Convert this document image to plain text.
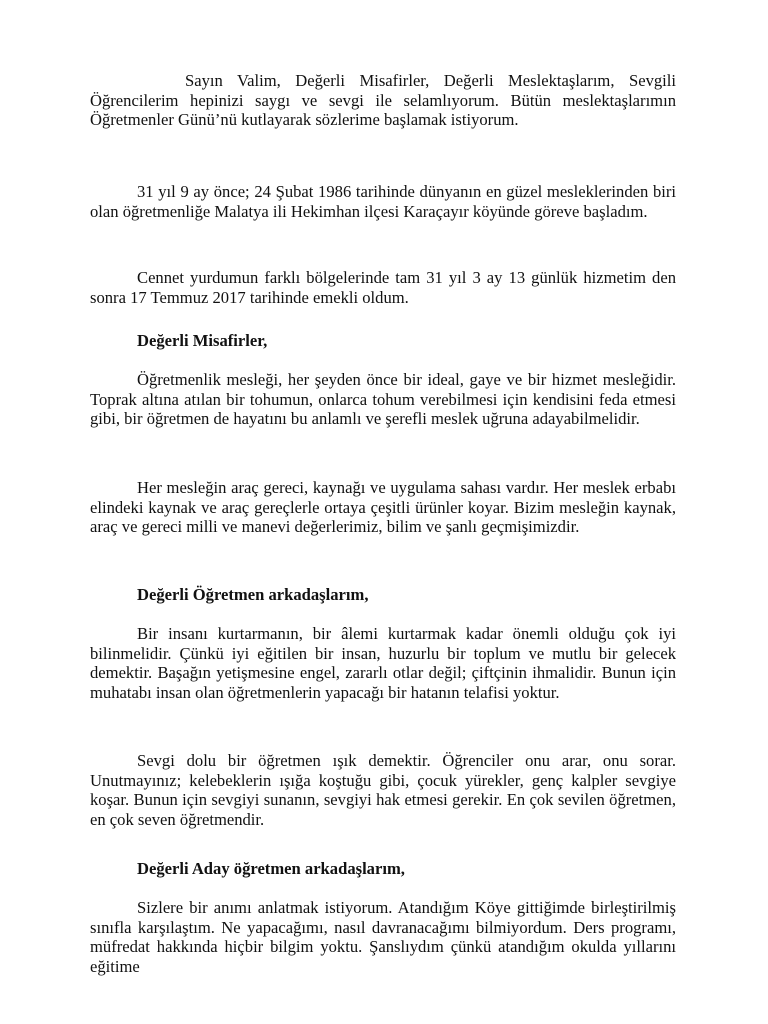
Sayın Valim, Değerli Misafirler, Değerli Meslektaşlarım, Sevgili Öğrencilerim hepinizi saygı ve sevgi ile selamlıyorum. Bütün meslektaşlarımın Öğretmenler Günü’nü kutlayarak sözlerime başlamak istiyorum.

31 yıl 9 ay önce; 24 Şubat 1986 tarihinde dünyanın en güzel mesleklerinden biri olan öğretmenliğe Malatya ili Hekimhan ilçesi Karaçayır köyünde göreve başladım.

Cennet yurdumun farklı bölgelerinde tam 31 yıl 3 ay 13 günlük hizmetim den sonra 17 Temmuz 2017 tarihinde emekli oldum.

Değerli Misafirler,

Öğretmenlik mesleği, her şeyden önce bir ideal, gaye ve bir hizmet mesleğidir. Toprak altına atılan bir tohumun, onlarca tohum verebilmesi için kendisini feda etmesi gibi, bir öğretmen de hayatını bu anlamlı ve şerefli meslek uğruna adayabilmelidir.

Her mesleğin araç gereci, kaynağı ve uygulama sahası vardır. Her meslek erbabı elindeki kaynak ve araç gereçlerle ortaya çeşitli ürünler koyar. Bizim mesleğin kaynak, araç ve gereci milli ve manevi değerlerimiz, bilim ve şanlı geçmişimizdir.

Değerli Öğretmen arkadaşlarım,

Bir insanı kurtarmanın, bir âlemi kurtarmak kadar önemli olduğu çok iyi bilinmelidir. Çünkü iyi eğitilen bir insan, huzurlu bir toplum ve mutlu bir gelecek demektir. Başağın yetişmesine engel, zararlı otlar değil; çiftçinin ihmalidir. Bunun için muhatabı insan olan öğretmenlerin yapacağı bir hatanın telafisi yoktur.

Sevgi dolu bir öğretmen ışık demektir. Öğrenciler onu arar, onu sorar. Unutmayınız; kelebeklerin ışığa koştuğu gibi, çocuk yürekler, genç kalpler sevgiye koşar. Bunun için sevgiyi sunanın, sevgiyi hak etmesi gerekir. En çok sevilen öğretmen, en çok seven öğretmendir.

Değerli Aday öğretmen arkadaşlarım,

Sizlere bir anımı anlatmak istiyorum. Atandığım Köye gittiğimde birleştirilmiş sınıfla karşılaştım. Ne yapacağımı, nasıl davranacağımı bilmiyordum. Ders programı, müfredat hakkında hiçbir bilgim yoktu. Şanslıydım çünkü atandığım okulda yıllarını eğitime
